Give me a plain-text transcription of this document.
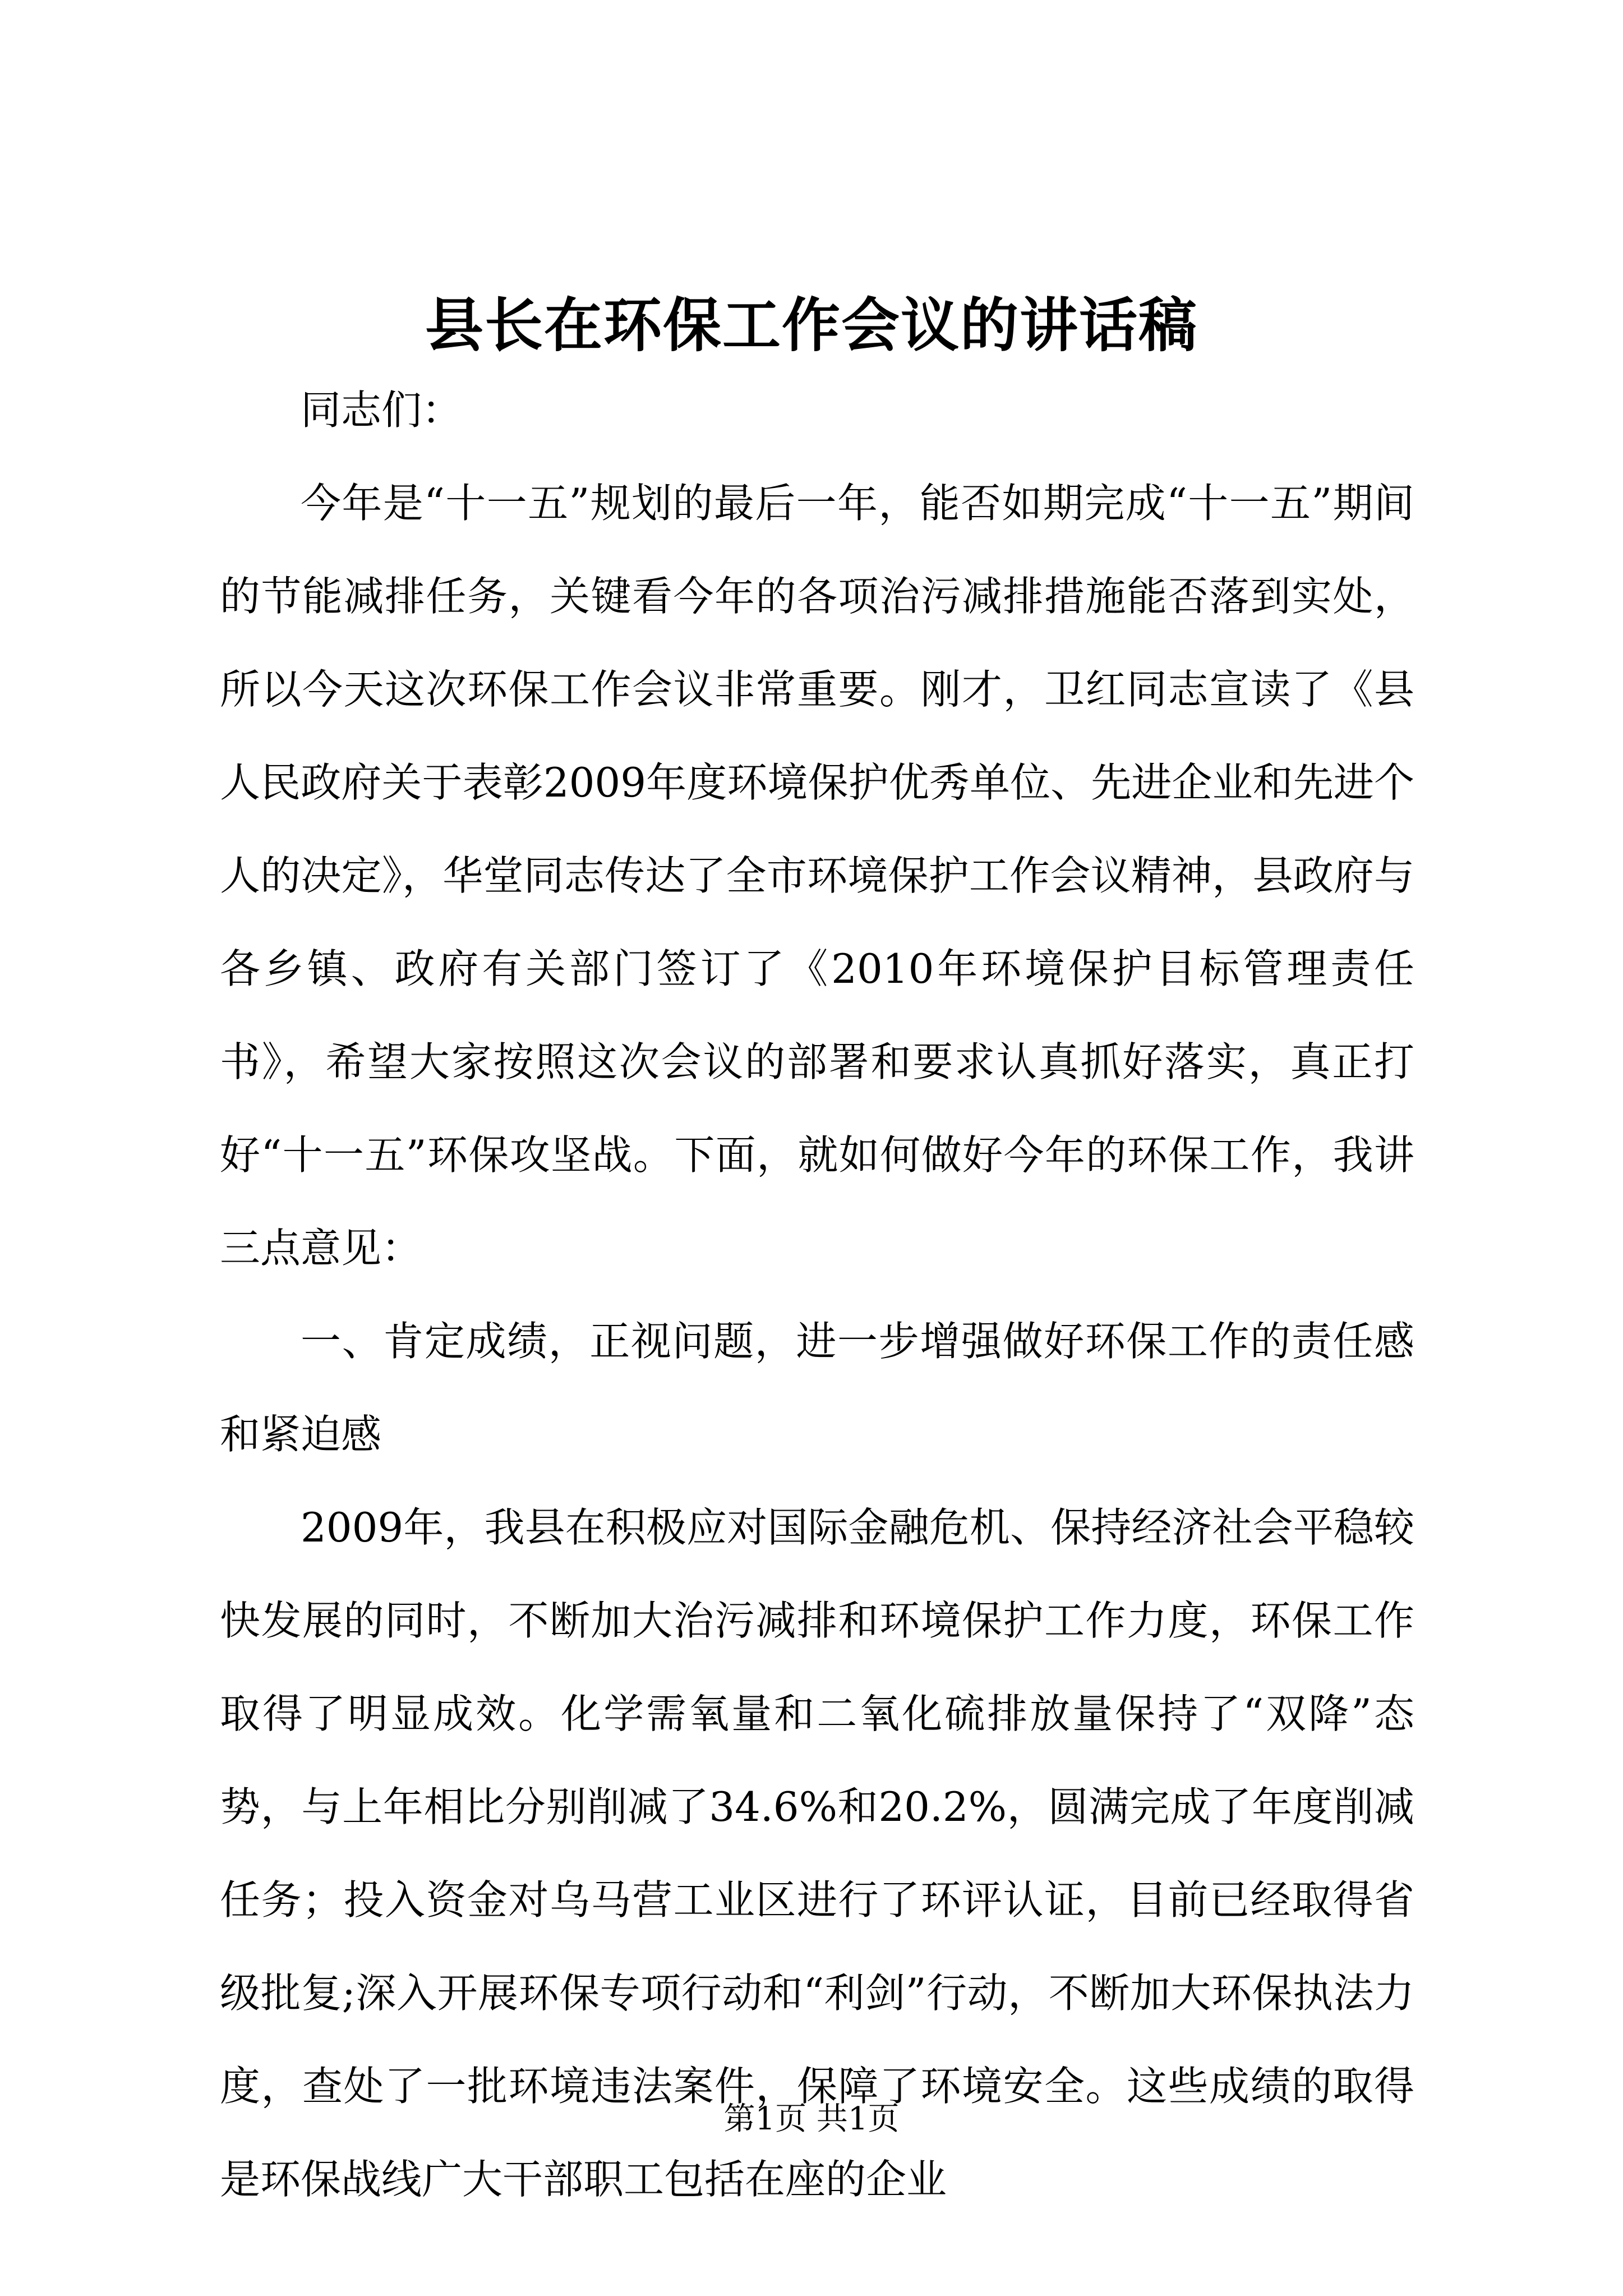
县长在环保工作会议的讲话稿

同志们：

今年是“十一五”规划的最后一年，能否如期完成“十一五”期间的节能减排任务，关键看今年的各项治污减排措施能否落到实处，所以今天这次环保工作会议非常重要。刚才，卫红同志宣读了《县人民政府关于表彰2009年度环境保护优秀单位、先进企业和先进个人的决定》，华堂同志传达了全市环境保护工作会议精神，县政府与各乡镇、政府有关部门签订了《2010年环境保护目标管理责任书》，希望大家按照这次会议的部署和要求认真抓好落实，真正打好“十一五”环保攻坚战。下面，就如何做好今年的环保工作，我讲三点意见：

一、肯定成绩，正视问题，进一步增强做好环保工作的责任感和紧迫感

2009年，我县在积极应对国际金融危机、保持经济社会平稳较快发展的同时，不断加大治污减排和环境保护工作力度，环保工作取得了明显成效。化学需氧量和二氧化硫排放量保持了“双降”态势，与上年相比分别削减了34.6%和20.2%，圆满完成了年度削减任务；投入资金对乌马营工业区进行了环评认证，目前已经取得省级批复;深入开展环保专项行动和“利剑”行动，不断加大环保执法力度，查处了一批环境违法案件，保障了环境安全。这些成绩的取得是环保战线广大干部职工包括在座的企业

第1页 共1页
